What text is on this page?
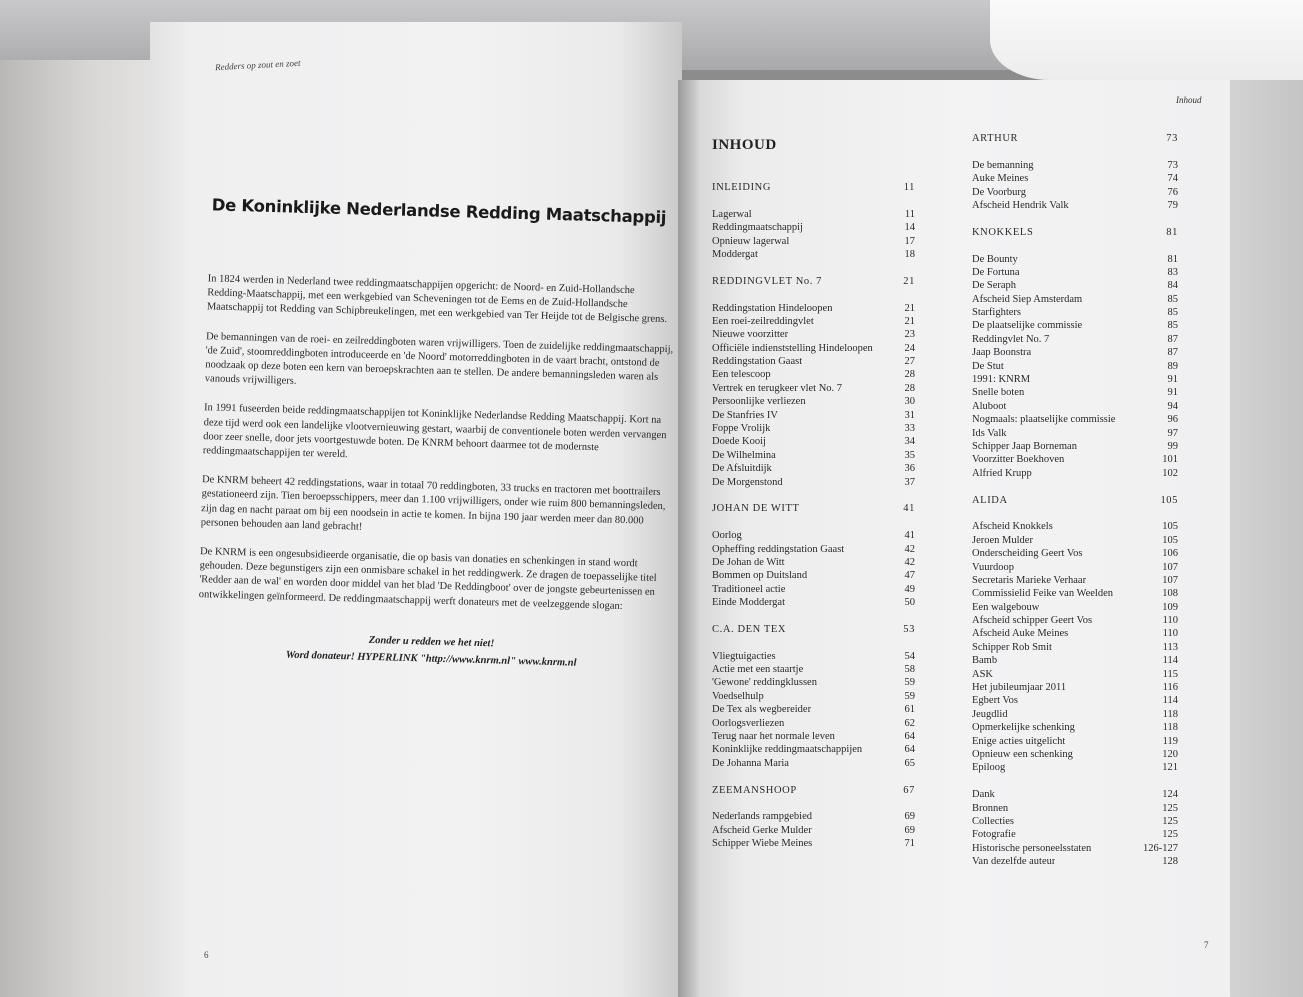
Redders op zout en zoet
De Koninklijke Nederlandse Redding Maatschappij

In 1824 werden in Nederland twee reddingmaatschappijen opgericht: de Noord- en Zuid-Hollandsche Redding-Maatschappij, met een werkgebied van Scheveningen tot de Eems en de Zuid-Hollandsche Maatschappij tot Redding van Schipbreukelingen, met een werkgebied van Ter Heijde tot de Belgische grens.

De bemanningen van de roei- en zeilreddingboten waren vrijwilligers. Toen de zuidelijke reddingmaatschappij, 'de Zuid', stoomreddingboten introduceerde en 'de Noord' motorreddingboten in de vaart bracht, ontstond de noodzaak op deze boten een kern van beroepskrachten aan te stellen. De andere bemanningsleden waren als vanouds vrijwilligers.

In 1991 fuseerden beide reddingmaatschappijen tot Koninklijke Nederlandse Redding Maatschappij. Kort na deze tijd werd ook een landelijke vlootvernieuwing gestart, waarbij de conventionele boten werden vervangen door zeer snelle, door jets voortgestuwde boten. De KNRM behoort daarmee tot de modernste reddingmaatschappijen ter wereld.

De KNRM beheert 42 reddingstations, waar in totaal 70 reddingboten, 33 trucks en tractoren met boottrailers gestationeerd zijn. Tien beroepsschippers, meer dan 1.100 vrijwilligers, onder wie ruim 800 bemanningsleden, zijn dag en nacht paraat om bij een noodsein in actie te komen. In bijna 190 jaar werden meer dan 80.000 personen behouden aan land gebracht!

De KNRM is een ongesubsidieerde organisatie, die op basis van donaties en schenkingen in stand wordt gehouden. Deze begunstigers zijn een onmisbare schakel in het reddingwerk. Ze dragen de toepasselijke titel 'Redder aan de wal' en worden door middel van het blad 'De Reddingboot' over de jongste gebeurtenissen en ontwikkelingen geïnformeerd. De reddingmaatschappij werft donateurs met de veelzeggende slogan:

Zonder u redden we het niet!
Word donateur! HYPERLINK "http://www.knrm.nl" www.knrm.nl
6
Inhoud
INHOUD
INLEIDING	11
Lagerwal	11
Reddingmaatschappij	14
Opnieuw lagerwal	17
Moddergat	18
REDDINGVLET No. 7	21
Reddingstation Hindeloopen	21
Een roei-zeilreddingvlet	21
Nieuwe voorzitter	23
Officiële indienststelling Hindeloopen	24
Reddingstation Gaast	27
Een telescoop	28
Vertrek en terugkeer vlet No. 7	28
Persoonlijke verliezen	30
De Stanfries IV	31
Foppe Vrolijk	33
Doede Kooij	34
De Wilhelmina	35
De Afsluitdijk	36
De Morgenstond	37
JOHAN DE WITT	41
Oorlog	41
Opheffing reddingstation Gaast	42
De Johan de Witt	42
Bommen op Duitsland	47
Traditioneel actie	49
Einde Moddergat	50
C.A. DEN TEX	53
Vliegtuigacties	54
Actie met een staartje	58
'Gewone' reddingklussen	59
Voedselhulp	59
De Tex als wegbereider	61
Oorlogsverliezen	62
Terug naar het normale leven	64
Koninklijke reddingmaatschappijen	64
De Johanna Maria	65
ZEEMANSHOOP	67
Nederlands rampgebied	69
Afscheid Gerke Mulder	69
Schipper Wiebe Meines	71
ARTHUR	73
De bemanning	73
Auke Meines	74
De Voorburg	76
Afscheid Hendrik Valk	79
KNOKKELS	81
De Bounty	81
De Fortuna	83
De Seraph	84
Afscheid Siep Amsterdam	85
Starfighters	85
De plaatselijke commissie	85
Reddingvlet No. 7	87
Jaap Boonstra	87
De Stut	89
1991: KNRM	91
Snelle boten	91
Aluboot	94
Nogmaals: plaatselijke commissie	96
Ids Valk	97
Schipper Jaap Borneman	99
Voorzitter Boekhoven	101
Alfried Krupp	102
ALIDA	105
Afscheid Knokkels	105
Jeroen Mulder	105
Onderscheiding Geert Vos	106
Vuurdoop	107
Secretaris Marieke Verhaar	107
Commissielid Feike van Weelden	108
Een walgebouw	109
Afscheid schipper Geert Vos	110
Afscheid Auke Meines	110
Schipper Rob Smit	113
Bamb	114
ASK	115
Het jubileumjaar 2011	116
Egbert Vos	114
Jeugdlid	118
Opmerkelijke schenking	118
Enige acties uitgelicht	119
Opnieuw een schenking	120
Epiloog	121
Dank	124
Bronnen	125
Collecties	125
Fotografie	125
Historische personeelsstaten	126-127
Van dezelfde auteur	128
7
